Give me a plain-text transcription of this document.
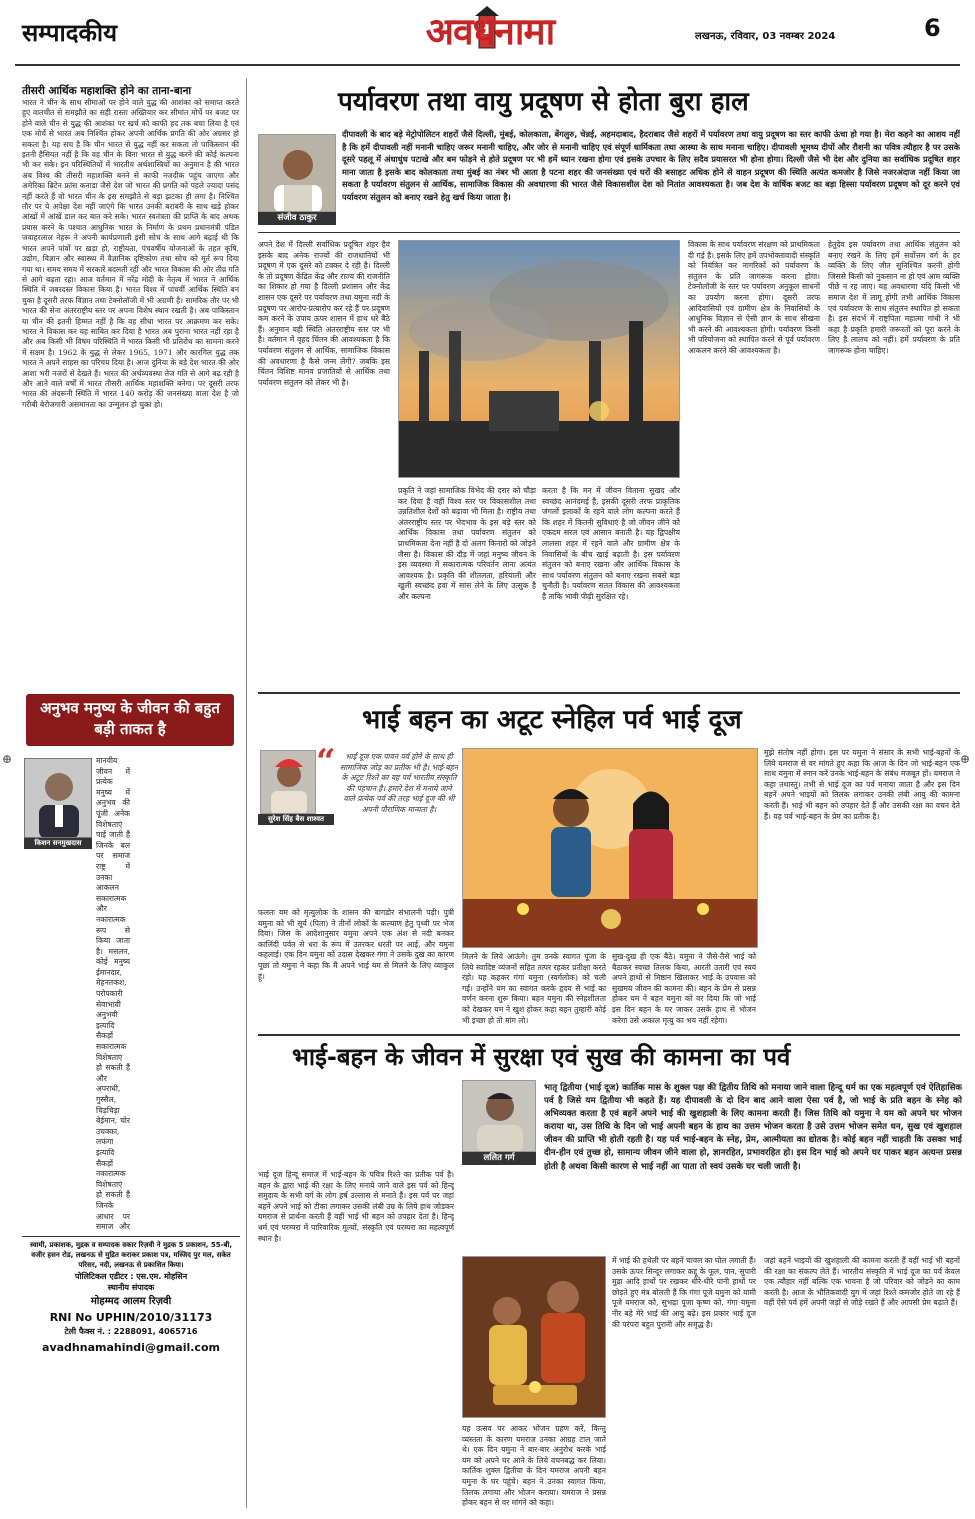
सम्पादकीय	अवधनामा	लखनऊ, रविवार, 03 नवम्बर 2024	6
तीसरी आर्थिक महाशक्ति होने का ताना-बाना
भारत ने चीन के साथ सीमाओं पर होने वाले युद्ध की आशंका को समाप्त करते हुए वातचीत से समझौते का सही रास्ता अख्तियार कर सीमांत मोर्चे पर बजट पर होने वाले चीन से युद्ध की आशंका पर खर्च को काफी हद तक बचा लिया है एवं एक मोर्चे से भारत अब निश्चिंत होकर अपनी आर्थिक प्रगति की ओर अग्रसर हो सकता है। यह सच है कि चीन भारत से युद्ध नहीं कर सकता तो पाकिस्तान की इतनी हैसियत नहीं है कि वह चीन के बिना भारत से युद्ध करने की कोई कल्पना भी कर सके। इन परिस्थितियों में भारतीय अर्थशास्त्रियों का अनुमान है की भारत अब विश्व की तीसरी महाशक्ति बनने से काफी नजदीक पहुंच जाएगा और अमेरिका ब्रिटेन फ्रांस कनाडा जैसे देश जो भारत की प्रगति को पहले ज्यादा पसंद नहीं करते हैं वो भारत चीन के इस समझौते से बड़ा झटका ही लगा है। निश्चित तौर पर ये अपेक्षा देश नहीं जाएंगे कि भारत उनकी बराबरी के साथ खड़े होकर आंखों में आंखें डाल कर बात करे सके। भारत स्वतंत्रता की प्राप्ति के बाद अथक प्रयास करने के पश्चात आधुनिक भारत के निर्माण के प्रथम प्रधानमंत्री पंडित जवाहरलाल नेहरू ने अपनी कार्यप्रणाली इसी सोच के साथ आगे बढ़ाई थी कि भारत अपने पांवों पर खड़ा हो, राष्ट्रीयता, पंचवर्षीय योजनाओं के तहत कृषि, उद्योग, विज्ञान और स्वास्थ्य में वैज्ञानिक दृष्टिकोण तथा सोच को मूर्त रूप दिया गया था। समय समय में सरकारें बदलती रहीं और भारत विकास की ओर तीव्र गति से आगे बढ़ता रहा। आज वर्तमान में नरेंद्र मोदी के नेतृत्व में भारत ने आर्थिक स्थिति में जबरदस्त विकास किया है। भारत विश्व में पांचवीं आर्थिक स्थिति बन चुका है दूसरी तरफ विज्ञान तथा टेक्नोलॉजी में भी अग्रणी है। सामरिक तौर पर भी भारत की सेना अंतरराष्ट्रीय स्तर पर अपना विशेष स्थान रखती है। अब पाकिस्तान या चीन की इतनी हिम्मत नहीं है कि वह सीधा भारत पर आक्रमण कर सके। भारत ने विकास कर यह साबित कर दिया है भारत अब पुराना भारत नहीं रहा है और अब किसी भी विषम परिस्थिति में भारत किसी भी प्रतिरोध का सामना करने में सक्षम है। 1962 के युद्ध से लेकर 1965, 1971 और कारगिल युद्ध तक भारत ने अपने साहस का परिचय दिया है। आज दुनिया के बड़े देश भारत की ओर आशा भरी नजरों से देखते हैं। भारत की अर्थव्यवस्था तेज गति से आगे बढ़ रही है और आने वाले वर्षों में भारत तीसरी आर्थिक महाशक्ति बनेगा। पर दूसरी तरफ भारत की अंदरूनी स्थिति में भारत 140 करोड़ की जनसंख्या वाला देश है जो गरीबी बेरोजगारी असमानता का उन्मूलन हो चुका हो।
अनुभव मनुष्य के जीवन की बहुत बड़ी ताकत है
किशन सनमुखदास
मानवीय जीवन में प्रत्येक मनुष्य में अनुभव की पूंजी अनेक विशेषताएं पाई जाती हैं जिनके बल पर समाज राष्ट्र में उनका आकलन सकारात्मक और नकारात्मक रूप से किया जाता है। मसलन, कोई मनुष्य ईमानदार, मेहनतकश, परोपकारी सेवाभावी अनुभवी इत्यादि सैकड़ों सकारात्मक विशेषताएं हो सकती हैं और अपराधी, गुस्सैल, चिड़चिड़ा बेईमान, चोर उचक्का, लफंगा इत्यादि सैकड़ों नकारात्मक विशेषताएं हो सकती हैं जिनके आधार पर समाज और
स्वामी, प्रकाशक, मुद्रक व सम्पादक वकार रिज़वी ने मुद्रक 5 प्रकाशन, 55-बी, वजीर हसन रोड, लखनऊ से मुद्रित कराकर प्रकाश पत्र, मस्जिद पुर मल, सकेत परिसर, नदी, लखनऊ से प्रकाशित किया।
पोलिटिकल एडीटर : एस.एम. मोहसिन
स्थानीय संपादक
मोहम्मद आलम रिज़वी
RNI No UPHIN/2010/31173
टेली फैक्स नं. : 2288091, 4065716
avadhnamahindi@gmail.com
पर्यावरण तथा वायु प्रदूषण से होता बुरा हाल
संजीव ठाकुर
दीपावली के बाद बड़े मेट्रोपोलिटन शहरों जैसे दिल्ली, मुंबई, कोलकाता, बेंगलुरु, चेन्नई, अहमदाबाद, हैदराबाद जैसे शहरों में पर्यावरण तथा वायु प्रदूषण का स्तर काफी ऊंचा हो गया है। मेरा कहने का आशय नहीं है कि हमें दीपावली नहीं मनानी चाहिए जरूर मनानी चाहिए, और जोर से मनानी चाहिए एवं संपूर्ण धार्मिकता तथा आस्था के साथ मनाना चाहिए। दीपावली भूमध्य दीपों और रौशनी का पवित्र त्यौहार है पर उसके दूसरे पहलू में अंधाधुंध पटाखे और बम फोड़ने से होते प्रदूषण पर भी हमें ध्यान रखना होगा एवं इसके उपचार के लिए सदैव प्रयासरत भी होना होगा। दिल्ली जैसे भी देश और दुनिया का सर्वाधिक प्रदूषित शहर माना जाता है इसके बाद कोलकाता तथा मुंबई का नंबर भी आता है पटना शहर की जनसंख्या एवं घरों की बसाहट अधिक होने से वाहन प्रदूषण की स्थिति अत्यंत कमजोर है जिसे नजरअंदाज नहीं किया जा सकता है पर्यावरण संतुलन से आर्थिक, सामाजिक विकास की अवधारणा की भारत जैसे विकासशील देश को नितांत आवश्यकता है। जब देश के वार्षिक बजट का बड़ा हिस्सा पर्यावरण प्रदूषण को दूर करने एवं पर्यावरण संतुलन को बनाए रखने हेतु खर्च किया जाता है।
अपने देश में दिल्ली सर्वाधिक प्रदूषित शहर हैवं इसके बाद अनेक राज्यों की राजधानियों भी प्रदूषण में एक दूसरे को टक्कर दे रही है। दिल्ली के तो प्रदूषण केंद्रित केंद्र और राज्य की राजनीति का शिकार हो गया है दिल्ली प्रशासन और केंद्र शासन एक दूसरे पर पर्यावरण तथा यमुना नदी के प्रदूषण पर आरोप-प्रत्यारोप कर रहे हैं पर प्रदूषण कम करने के उपाय ऊपर शासन में हाथ धरे बैठे हैं। अनुमान यही स्थिति अंतरराष्ट्रीय स्तर पर भी है। वर्तमान में वृहद चिंतन की आवश्यकता है कि पर्यावरण संतुलन से आर्थिक, सामाजिक विकास की अवधारणा है कैसे जन्म लेंगी? जबकि इस चिंतन विशिष्ट मानव प्रजातियों से आर्थिक तथा पर्यावरण संतुलन को लेकर भी है।
प्रकृति ने जहां सामाजिक विभेद की दरार को चौड़ा कर दिया है वहीं विश्व स्तर पर विकासशील तथा उन्नतिशील देशों को बढ़ावा भी मिला है। राष्ट्रीय तथा अंतरराष्ट्रीय स्तर पर भेदभाव के इस बड़े स्तर को आर्थिक विकास तथा पर्यावरण संतुलन को प्राथमिकता देना नहीं है दो अलग किनारों को जोड़ने जैसा है। विकास की दौड़ में जहां मनुष्य जीवन के इस व्यवस्था में सकारात्मक परिवर्तन लाना अत्यंत आवश्यक है। प्रकृति की शीतलता, हरियाली और खुली स्वच्छंद हवा में सांस लेने के लिए उत्सुक है और कल्पना
करता है कि मन में जीवन विताना सुखद और स्वच्छंद आनंदमई है, इसकी दूसरी तरफ प्राकृतिक जंगलों इलाकों के रहने वाले लोग कल्पना करते हैं कि शहर में कितनी सुविधाएं है जो जीवन जीने को एकदम सरल एवं आसान बनाती है। यह द्विपक्षीय लालसा शहर में रहने वाले और ग्रामीण क्षेत्र के निवासियों के बीच खाई बढ़ाती है। इस पर्यावरण संतुलन को बनाए रखना और आर्थिक विकास के साथ पर्यावरण संतुलन को बनाए रखना सबसे बड़ा चुनौती है। पर्यावरण सतत विकास की आवश्यकता है ताकि भावी पीढ़ी सुरक्षित रहे।
विकास के साथ पर्यावरण संरक्षण को प्राथमिकता दी गई है। इसके लिए हमें उपभोक्तावादी संस्कृति को नियंत्रित कर नागरिकों को पर्यावरण के संतुलन के प्रति जागरूक करना होगा। टेक्नोलॉजी के स्तर पर पर्यावरण अनुकूल साधनों का उपयोग करना होगा। दूसरी तरफ आदिवासियों एवं ग्रामीण क्षेत्र के निवासियों के आधुनिक विज्ञान से ऐसी ज्ञान के साथ सीखना भी करने की आवश्यकता होगी। पर्यावरण किसी भी परियोजना को स्थापित करने से पूर्व पर्यावरण आकलन करने की आवश्यकता है।
हेतुदेव इस पर्यावरण तथा आर्थिक संतुलन को बनाए रखने के लिए हमें सर्वोत्तम वर्ग के हर व्यक्ति के लिए जीत सुनिश्चित करनी होगी जिससे किसी को नुकसान ना हो एवं आम व्यक्ति पीछे न रह जाए। यह अवधारणा यदि किसी भी समाज देश में लागू होगी तभी आर्थिक विकास एवं पर्यावरण के साथ संतुलन स्थापित हो सकता है। इस संदर्भ में राष्ट्रपिता महात्मा गांधी ने भी कहा है प्रकृति हमारी जरूरतों को पूरा करने के लिए है लालच को नहीं। हमें पर्यावरण के प्रति जागरूक होना चाहिए।
भाई बहन का अटूट स्नेहिल पर्व भाई दूज
सुरेश सिंह बैस शाश्वत
“	भाई दूज एक पावन पर्व होने के साथ ही सामाजिक जोड़ का प्रतीक भी है। भाई-बहन के अटूट रिश्ते का यह पर्व भारतीय संस्कृति की पहचान है। हमारे देश में मनाये जाने वाले प्रत्येक पर्व की तरह भाई दूज की भी अपनी पौराणिक मान्यता है।
फलतः यम को मृत्युलोक के शासन की बागडोर संभालनी पड़ी। पुत्री यमुना को भी सूर्य (पिता) ने तीनों लोकों के कल्याण हेतु पृथ्वी पर भेज दिया। जिस के आदेशानुसार यमुना अपने एक अंश से नदी बनकर कालिंदी पर्वत से धरा के रूप में उतरकर धरती पर आई, और यमुना कहलाई। एक दिन यमुना को उदास देखकर गंगा ने उसके दुख का कारण पूछा तो यमुना ने कहा कि मैं अपने भाई यम से मिलने के लिए व्याकुल हूं।
मिलने के लिये आऊंगे। तुम उनके स्वागत पूजा के लिये स्वादिष्ट व्यंजनों सहित तत्पर रहकर प्रतीक्षा करते रहो। यह कहकर गंगा यमुना (स्वर्गलोक) को चली गईं। उन्होंने यम का स्वागत करके हृदय से भाई का वर्णन करना शुरू किया। बहन यमुना की स्नेहशीलता को देखकर यम ने खुश होकर कहा बहन तुम्हारी कोई भी इच्छा हो तो मांग लो।
सुख-दुख ही एक बैठे। यमुना ने जैसे-तैसे भाई को बैठाकर स्वच्छ तिलक किया, आरती उतारी एवं स्वयं अपने हाथों से मिष्ठान खिलाकर भाई के उपवास को सुखमय जीवन की कामना की। बहन के प्रेम से प्रसन्न होकर यम ने बहन यमुना को वर दिया कि जो भाई इस दिन बहन के घर जाकर उसके हाथ से भोजन करेगा उसे अकाल मृत्यु का भय नहीं रहेगा।
मुझे संतोष नहीं होगा। इस पर यमुना ने संसार के सभी भाई-बहनों के लिये यमराज से वर मांगते हुए कहा कि आज के दिन जो भाई-बहन एक साथ यमुना में स्नान करें उनके भाई-बहन के संबंध मजबूत हों। यमराज ने कहा तथास्तु। तभी से भाई दूज का पर्व मनाया जाता है और इस दिन बहनें अपने भाइयों को तिलक लगाकर उनकी लंबी आयु की कामना करती हैं। भाई भी बहन को उपहार देते हैं और उसकी रक्षा का वचन देते हैं। यह पर्व भाई-बहन के प्रेम का प्रतीक है।
भाई-बहन के जीवन में सुरक्षा एवं सुख की कामना का पर्व
ललित गर्ग
भातृ द्वितीया (भाई दूज) कार्तिक मास के शुक्ल पक्ष की द्वितीय तिथि को मनाया जाने वाला हिन्दू धर्म का एक महत्वपूर्ण एवं ऐतिहासिक पर्व है जिसे यम द्वितीया भी कहते हैं। यह दीपावली के दो दिन बाद आने वाला ऐसा पर्व है, जो भाई के प्रति बहन के स्नेह को अभिव्यक्त करता है एवं बहनें अपने भाई की खुशहाली के लिए कामना करती हैं। जिस तिथि को यमुना ने यम को अपने घर भोजन कराया था, उस तिथि के दिन जो भाई अपनी बहन के हाथ का उत्तम भोजन करता है उसे उत्तम भोजन समेत धन, सुख एवं खुशहाल जीवन की प्राप्ति भी होती रहती है। यह पर्व भाई-बहन के स्नेह, प्रेम, आत्मीयता का द्योतक है। कोई बहन नहीं चाहती कि उसका भाई दीन-हीन एवं तुच्छ हो, सामान्य जीवन जीने वाला हो, ज्ञानरहित, प्रभावरहित हो। इस दिन भाई को अपने घर पाकर बहन अत्यन्त प्रसन्न होती है अथवा किसी कारण से भाई नहीं आ पाता तो स्वयं उसके घर चली जाती है।
भाई दूज हिन्दू समाज में भाई-बहन के पवित्र रिश्ते का प्रतीक पर्व है। बहन के द्वारा भाई की रक्षा के लिए मनाये जाने वाले इस पर्व को हिन्दू समुदाय के सभी वर्ग के लोग हर्ष उल्लास से मनाते हैं। इस पर्व पर जहां बहनें अपने भाई को टीका लगाकर उसकी लंबी उम्र के लिये हाथ जोड़कर यमराज से प्रार्थना करती हैं वहीं भाई भी बहन को उपहार देता है। हिन्दू धर्म एवं परम्परा में पारिवारिक मूल्यों, संस्कृति एवं परम्परा का महत्वपूर्ण स्थान है।
यह उत्सव पर आकर भोजन ग्रहण करें, किन्तु व्यस्तता के कारण यमराज उनका आग्रह टाल जाते थे। एक दिन यमुना ने बार-बार अनुरोध करके भाई यम को अपने घर आने के लिये वचनबद्ध कर लिया। कार्तिक शुक्ल द्वितीया के दिन यमराज अपनी बहन यमुना के घर पहुंचे। बहन ने उनका स्वागत किया, तिलक लगाया और भोजन कराया। यमराज ने प्रसन्न होकर बहन से वर मांगने को कहा।
में भाई की हथेली पर बहनें चावल का घोल लगाती हैं। उसके ऊपर सिन्दूर लगाकर कद्दू के फूल, पान, सुपारी मुद्रा आदि हाथों पर रखकर धीरे-धीरे पानी हाथों पर छोड़ते हुए मंत्र बोलती हैं कि गंगा पूजे यमुना को यामी पूजे यमराज को, सुभद्रा पूजा कृष्ण को, गंगा यमुना नीर बहे मेरे भाई की आयु बढ़े। इस प्रकार भाई दूज की परंपरा बहुत पुरानी और समृद्ध है।
जहां बहनें भाइयों की खुशहाली की कामना करती हैं वहीं भाई भी बहनों की रक्षा का संकल्प लेते हैं। भारतीय संस्कृति में भाई दूज का पर्व केवल एक त्यौहार नहीं बल्कि एक भावना है जो परिवार को जोड़ने का काम करती है। आज के भौतिकवादी युग में जहां रिश्ते कमजोर होते जा रहे हैं वहीं ऐसे पर्व हमें अपनी जड़ों से जोड़े रखते हैं और आपसी प्रेम बढ़ाते हैं।
⊕	⊕
